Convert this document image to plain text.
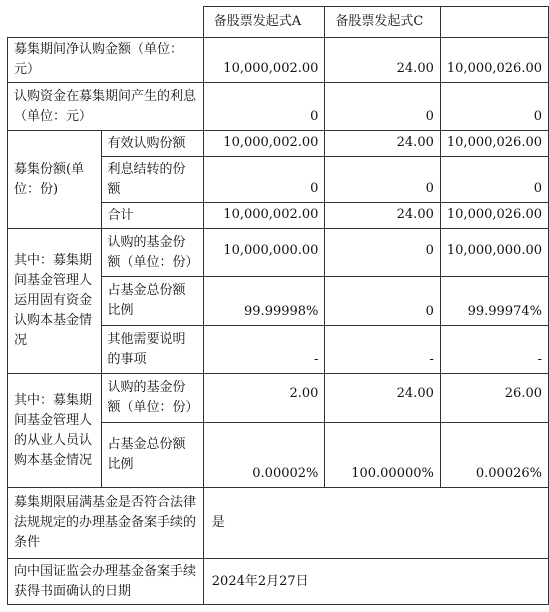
		备股票发起式A	备股票发起式C	
募集期间净认购金额（单位：元）		10,000,002.00	24.00	10,000,026.00
认购资金在募集期间产生的利息（单位：元）		0	0	0
募集份额(单位：份)	有效认购份额	10,000,002.00	24.00	10,000,026.00
	利息结转的份额	0	0	0
	合计	10,000,002.00	24.00	10,000,026.00
其中：募集期间基金管理人运用固有资金认购本基金情况	认购的基金份额（单位：份）	10,000,000.00	0	10,000,000.00
	占基金总份额比例	99.99998%	0	99.99974%
	其他需要说明的事项	-	-	-
其中：募集期间基金管理人的从业人员认购本基金情况	认购的基金份额（单位：份）	2.00	24.00	26.00
	占基金总份额比例	0.00002%	100.00000%	0.00026%
募集期限届满基金是否符合法律法规规定的办理基金备案手续的条件		是		
向中国证监会办理基金备案手续获得书面确认的日期		2024年2月27日		
